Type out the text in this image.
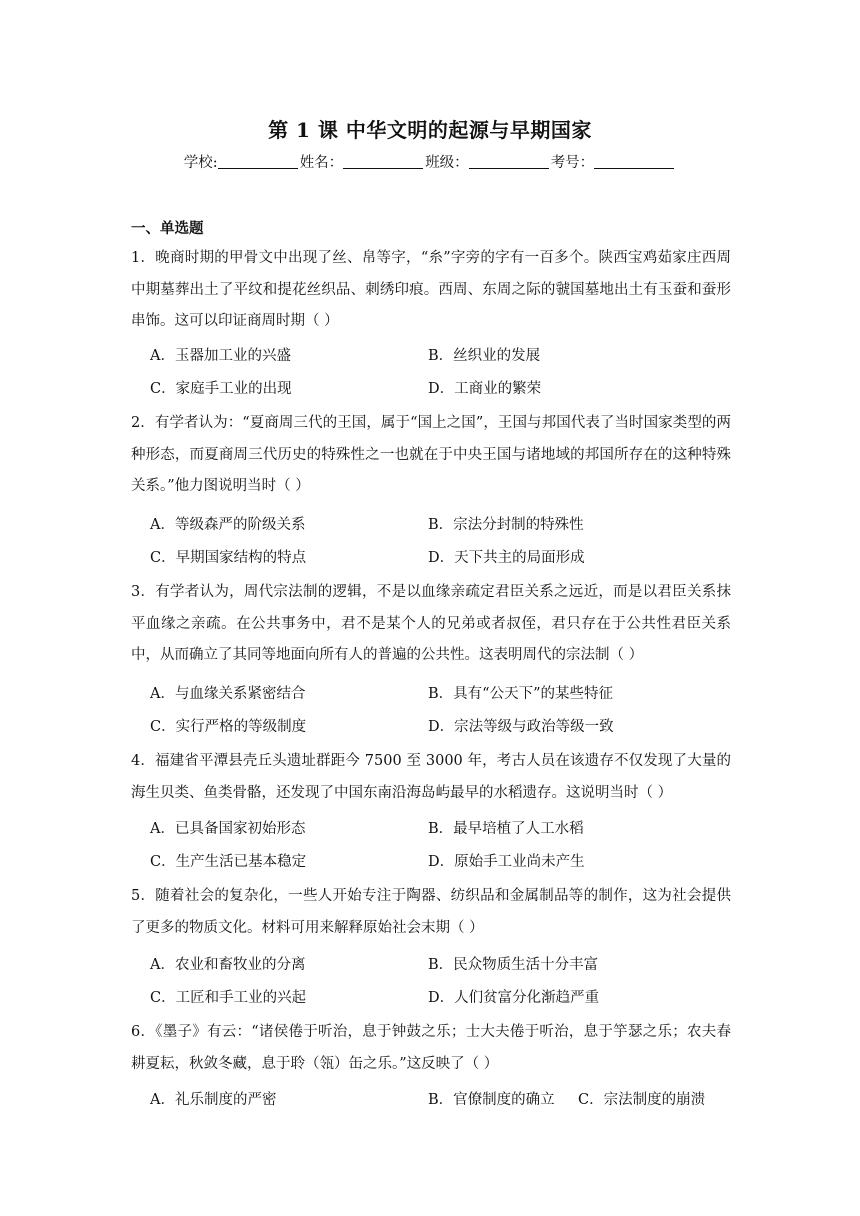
第 1 课 中华文明的起源与早期国家
学校:	姓名：	班级：	考号：
一、单选题

1．晚商时期的甲骨文中出现了丝、帛等字，“糸”字旁的字有一百多个。陕西宝鸡茹家庄西周中期墓葬出土了平纹和提花丝织品、刺绣印痕。西周、东周之际的虢国墓地出土有玉蚕和蚕形串饰。这可以印证商周时期（ ）

A．玉器加工业的兴盛	B．丝织业的发展
C．家庭手工业的出现	D．工商业的繁荣

2．有学者认为：“夏商周三代的王国，属于“国上之国”，王国与邦国代表了当时国家类型的两种形态，而夏商周三代历史的特殊性之一也就在于中央王国与诸地域的邦国所存在的这种特殊关系。”他力图说明当时（ ）

A．等级森严的阶级关系	B．宗法分封制的特殊性
C．早期国家结构的特点	D．天下共主的局面形成

3．有学者认为，周代宗法制的逻辑，不是以血缘亲疏定君臣关系之远近，而是以君臣关系抹平血缘之亲疏。在公共事务中，君不是某个人的兄弟或者叔侄，君只存在于公共性君臣关系中，从而确立了其同等地面向所有人的普遍的公共性。这表明周代的宗法制（ ）

A．与血缘关系紧密结合	B．具有“公天下”的某些特征
C．实行严格的等级制度	D．宗法等级与政治等级一致

4．福建省平潭县壳丘头遗址群距今 7500 至 3000 年，考古人员在该遗存不仅发现了大量的海生贝类、鱼类骨骼，还发现了中国东南沿海岛屿最早的水稻遗存。这说明当时（ ）

A．已具备国家初始形态	B．最早培植了人工水稻
C．生产生活已基本稳定	D．原始手工业尚未产生

5．随着社会的复杂化，一些人开始专注于陶器、纺织品和金属制品等的制作，这为社会提供了更多的物质文化。材料可用来解释原始社会末期（ ）

A．农业和畜牧业的分离	B．民众物质生活十分丰富
C．工匠和手工业的兴起	D．人们贫富分化渐趋严重

6．《墨子》有云：“诸侯倦于听治，息于钟鼓之乐；士大夫倦于听治，息于竽瑟之乐；农夫春耕夏耘，秋敛冬藏，息于聆（瓴）缶之乐。”这反映了（ ）

A．礼乐制度的严密	B．官僚制度的确立 C．宗法制度的崩溃
